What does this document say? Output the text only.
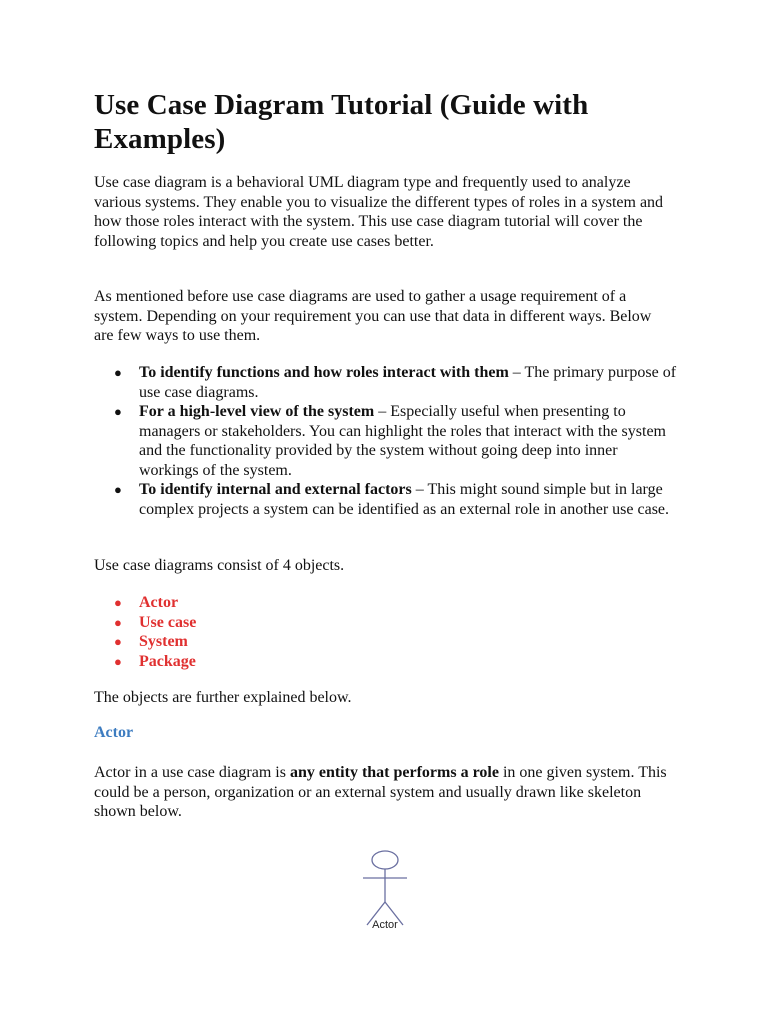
Use Case Diagram Tutorial (Guide with Examples)

Use case diagram is a behavioral UML diagram type and frequently used to analyze various systems. They enable you to visualize the different types of roles in a system and how those roles interact with the system. This use case diagram tutorial will cover the following topics and help you create use cases better.

As mentioned before use case diagrams are used to gather a usage requirement of a system. Depending on your requirement you can use that data in different ways. Below are few ways to use them.

● To identify functions and how roles interact with them – The primary purpose of use case diagrams.
● For a high-level view of the system – Especially useful when presenting to managers or stakeholders. You can highlight the roles that interact with the system and the functionality provided by the system without going deep into inner workings of the system.
● To identify internal and external factors – This might sound simple but in large complex projects a system can be identified as an external role in another use case.

Use case diagrams consist of 4 objects.

● Actor
● Use case
● System
● Package

The objects are further explained below.

Actor

Actor in a use case diagram is any entity that performs a role in one given system. This could be a person, organization or an external system and usually drawn like skeleton shown below.

Actor
